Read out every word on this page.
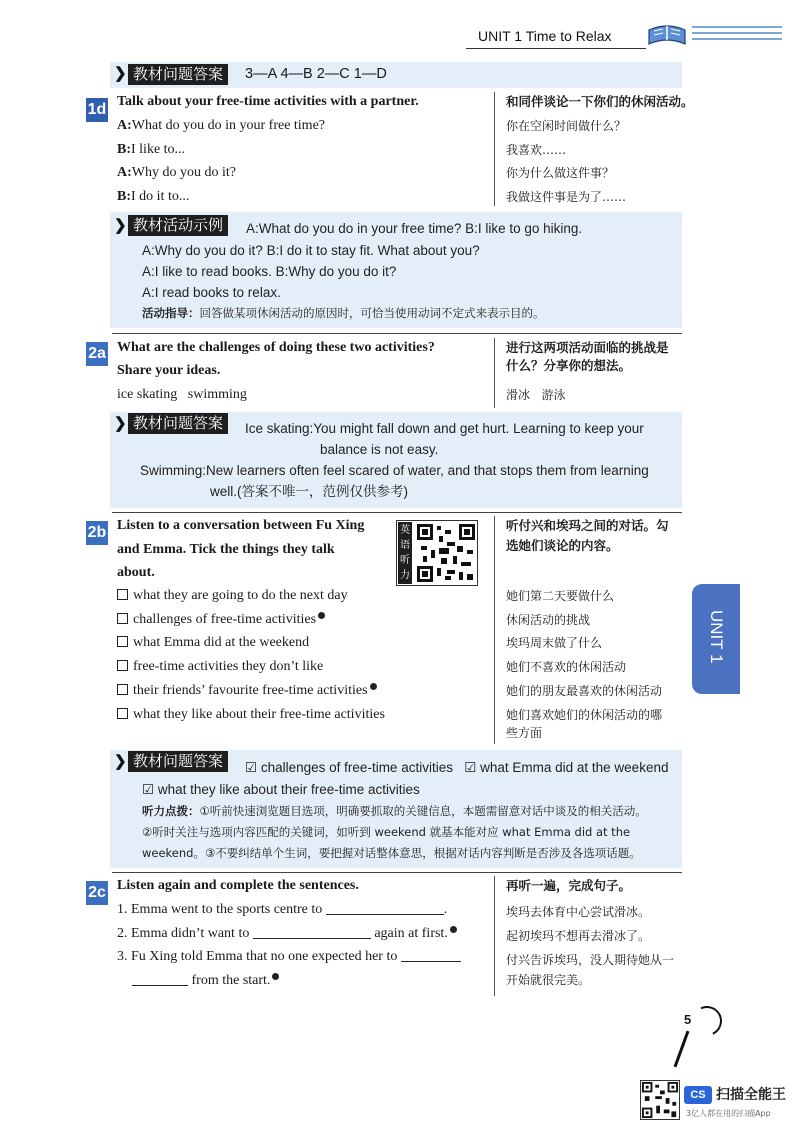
UNIT 1 Time to Relax
❯ 教材问题答案	3—A 4—B 2—C 1—D
1d Talk about your free-time activities with a partner.
A:What do you do in your free time?
B:I like to...
A:Why do you do it?
B:I do it to...
和同伴谈论一下你们的休闲活动。
你在空闲时间做什么？
我喜欢……
你为什么做这件事？
我做这件事是为了……
❯ 教材活动示例	A:What do you do in your free time? B:I like to go hiking.
A:Why do you do it? B:I do it to stay fit. What about you?
A:I like to read books. B:Why do you do it?
A:I read books to relax.
活动指导：回答做某项休闲活动的原因时，可恰当使用动词不定式来表示目的。
2a What are the challenges of doing these two activities?
Share your ideas.
ice skating   swimming
进行这两项活动面临的挑战是
什么？分享你的想法。
滑冰   游泳
❯ 教材问题答案	Ice skating:You might fall down and get hurt. Learning to keep your
balance is not easy.
Swimming:New learners often feel scared of water, and that stops them from learning
well.(答案不唯一，范例仅供参考)
2b Listen to a conversation between Fu Xing
and Emma. Tick the things they talk
about.
英语听力
what they are going to do the next day
challenges of free-time activities
what Emma did at the weekend
free-time activities they don’t like
their friends’ favourite free-time activities
what they like about their free-time activities
听付兴和埃玛之间的对话。勾
选她们谈论的内容。
她们第二天要做什么
休闲活动的挑战
埃玛周末做了什么
她们不喜欢的休闲活动
她们的朋友最喜欢的休闲活动
她们喜欢她们的休闲活动的哪
些方面
UNIT 1
❯ 教材问题答案	☑ challenges of free-time activities ☑ what Emma did at the weekend
☑ what they like about their free-time activities
听力点拨：①听前快速浏览题目选项，明确要抓取的关键信息，本题需留意对话中谈及的相关活动。
②听时关注与选项内容匹配的关键词，如听到 weekend 就基本能对应 what Emma did at the
weekend。③不要纠结单个生词，要把握对话整体意思，根据对话内容判断是否涉及各选项话题。
2c Listen again and complete the sentences.
1. Emma went to the sports centre to	.
2. Emma didn’t want to	again at first.
3. Fu Xing told Emma that no one expected her to
from the start.
再听一遍，完成句子。
埃玛去体育中心尝试滑冰。
起初埃玛不想再去滑冰了。
付兴告诉埃玛，没人期待她从一
开始就很完美。
5
CS 扫描全能王
3亿人都在用的扫描App
